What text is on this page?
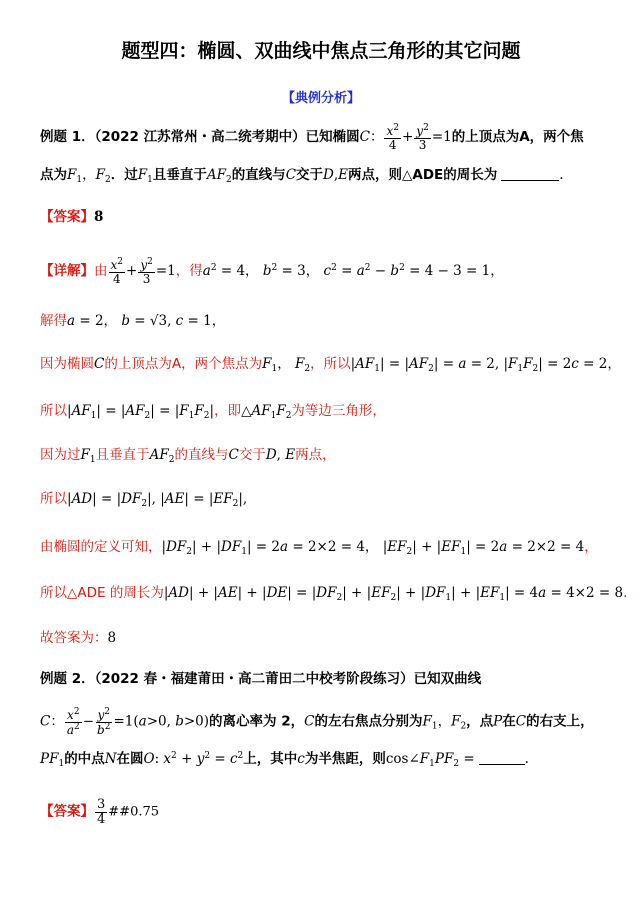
题型四：椭圆、双曲线中焦点三角形的其它问题
【典例分析】
例题 1．（2022 江苏常州・高二统考期中）已知椭圆C： $\frac{x^2}{4} + \frac{y^2}{3} =1$的上顶点为A，两个焦
点为$F_1$，$F_2$．过$F_1$且垂直于$AF_2$的直线与C交于D,E两点，则△ADE的周长为	.
【答案】8
【详解】由 $\frac{x^2}{4} + \frac{y^2}{3} =1$，得$a^2 = 4$， $b^2 = 3$， $c^2 = a^2 - b^2 = 4 - 3 = 1$，
解得a = 2， b = √3, c = 1，
因为椭圆C的上顶点为A，两个焦点为$F_1$， $F_2$，所以$|AF_1| = |AF_2| = a = 2$, $|F_1F_2| = 2c = 2$，
所以$|AF_1| = |AF_2| = |F_1F_2|$，即$\triangle AF_1F_2$为等边三角形，
因为过$F_1$且垂直于$AF_2$的直线与C交于D, E两点，
所以$|AD| = |DF_2|$, $|AE| = |EF_2|$,
由椭圆的定义可知，$|DF_2| + |DF_1| = 2a = 2\times 2 = 4$， $|EF_2| + |EF_1| = 2a = 2\times 2 = 4$，
所以△ADE 的周长为$|AD| + |AE| + |DE| = |DF_2| + |EF_2| + |DF_1| + |EF_1| = 4a = 4\times 2 = 8$.
故答案为：8
例题 2．（2022 春・福建莆田・高二莆田二中校考阶段练习）已知双曲线
C： $\frac{x^2}{a^2} - \frac{y^2}{b^2} =1(a>0$, b>0)的离心率为 2，C的左右焦点分别为$F_1$，$F_2$，点P在C的右支上，
$PF_1$的中点N在圆O: $x^2 + y^2 = c^2$上，其中c为半焦距，则$\cos\angle F_1PF_2$ =	.
【答案】 $\frac{3}{4}$ ##0.75
